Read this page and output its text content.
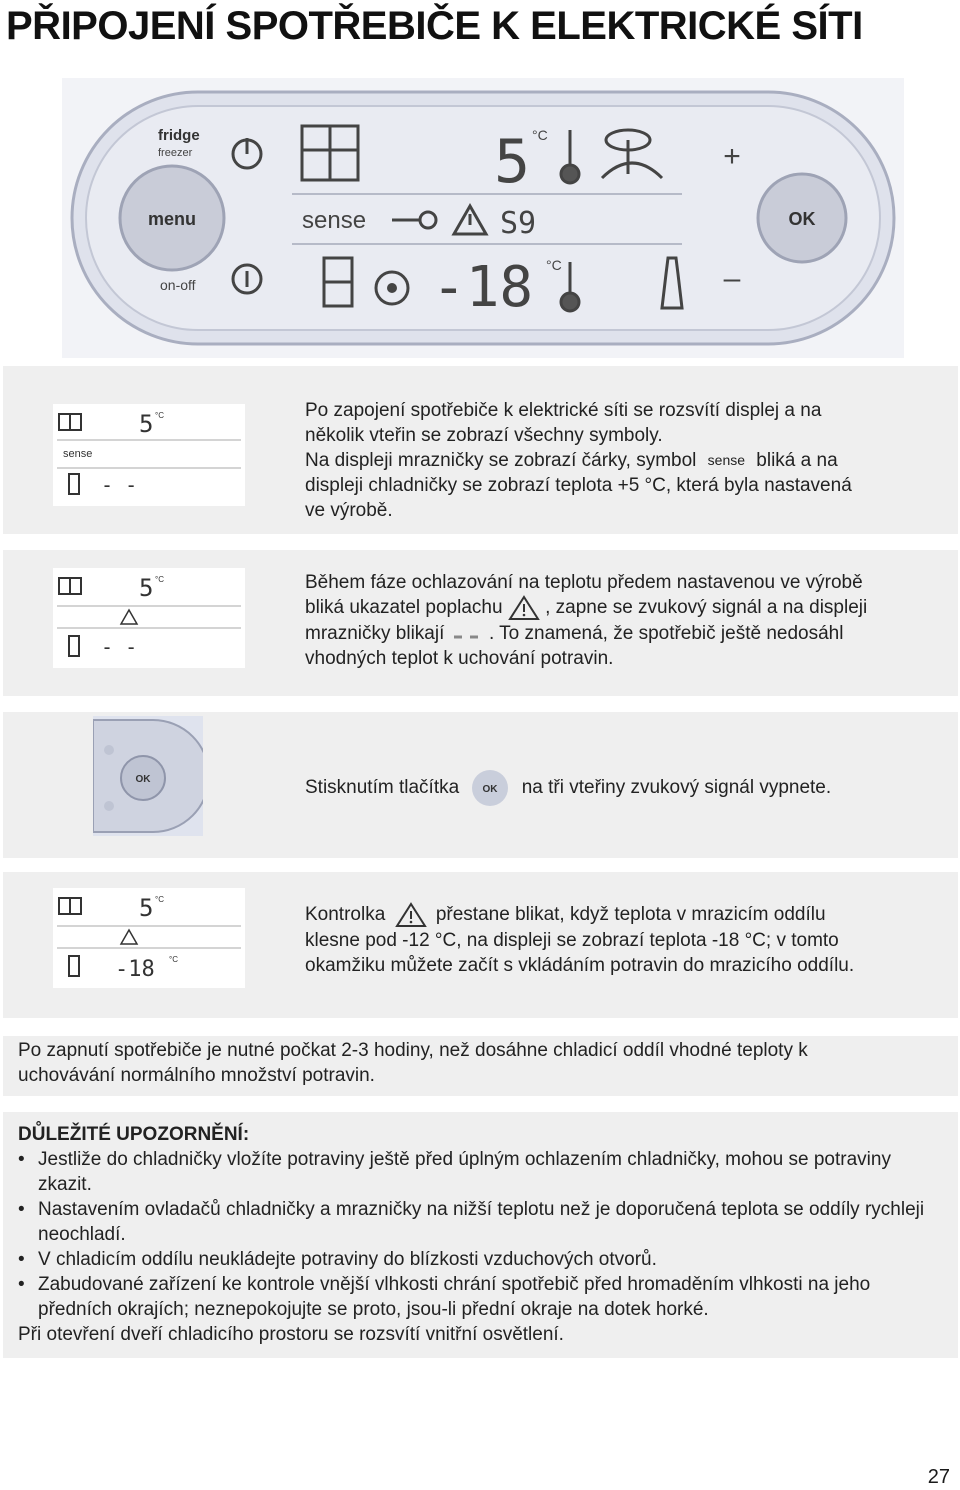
PŘIPOJENÍ SPOTŘEBIČE K ELEKTRICKÉ SÍTI
menu
fridge
freezer
on-off
5 °C
sense	S9
-18 °C
+
–
OK
5 °C
sense
- -
Po zapojení spotřebiče k elektrické síti se rozsvítí displej a na
několik vteřin se zobrazí všechny symboly.
Na displeji mrazničky se zobrazí čárky, symbol sense bliká a na
displeji chladničky se zobrazí teplota +5 °C, která byla nastavená
ve výrobě.
5 °C
- -
Během fáze ochlazování na teplotu předem nastavenou ve výrobě
bliká ukazatel poplachu , zapne se zvukový signál a na displeji
mrazničky blikají . To znamená, že spotřebič ještě nedosáhl
vhodných teplot k uchování potravin.
OK	Stisknutím tlačítka OK na tři vteřiny zvukový signál vypnete.
5 °C
-18 °C
Kontrolka	přestane blikat, když teplota v mrazicím oddílu
klesne pod -12 °C, na displeji se zobrazí teplota -18 °C; v tomto
okamžiku můžete začít s vkládáním potravin do mrazicího oddílu.
Po zapnutí spotřebiče je nutné počkat 2-3 hodiny, než dosáhne chladicí oddíl vhodné teploty k
uchovávání normálního množství potravin.
DŮLEŽITÉ UPOZORNĚNÍ:
• Jestliže do chladničky vložíte potraviny ještě před úplným ochlazením chladničky, mohou se potraviny zkazit.
• Nastavením ovladačů chladničky a mrazničky na nižší teplotu než je doporučená teplota se oddíly rychleji neochladí.
• V chladicím oddílu neukládejte potraviny do blízkosti vzduchových otvorů.
• Zabudované zařízení ke kontrole vnější vlhkosti chrání spotřebič před hromaděním vlhkosti na jeho předních okrajích; neznepokojujte se proto, jsou-li přední okraje na dotek horké.
Při otevření dveří chladicího prostoru se rozsvítí vnitřní osvětlení.
27
